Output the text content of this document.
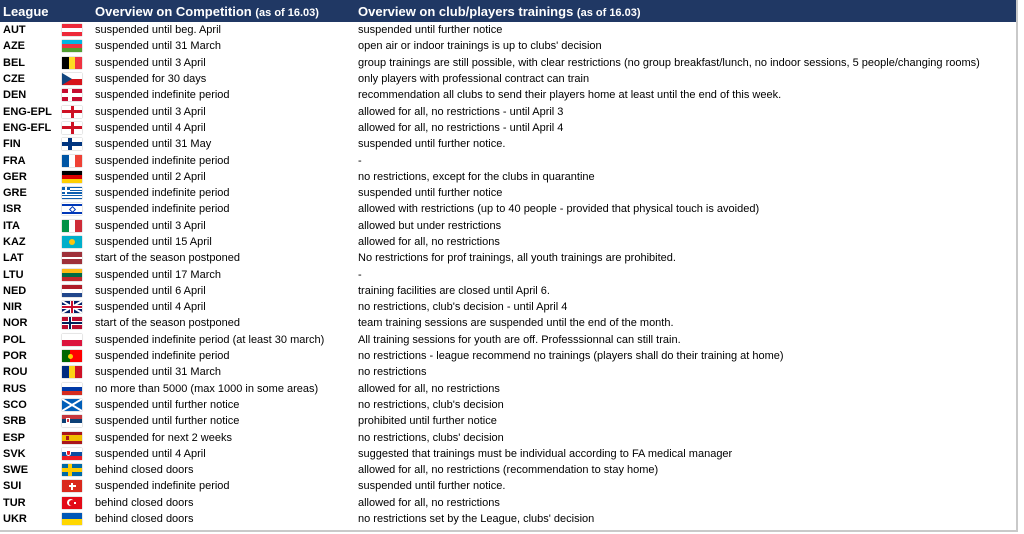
League	Overview on Competition (as of 16.03)	Overview on club/players trainings (as of 16.03)
AUT	suspended until beg. April	suspended until further notice
AZE	suspended until 31 March	open air or indoor trainings is up to clubs' decision
BEL	suspended until 3 April	group trainings are still possible, with clear restrictions (no group breakfast/lunch, no indoor sessions, 5 people/changing rooms)
CZE	suspended for 30 days	only players with professional contract can train
DEN	suspended indefinite period	recommendation all clubs to send their players home at least until the end of this week.
ENG-EPL	suspended until 3 April	allowed for all, no restrictions - until April 3
ENG-EFL	suspended until 4 April	allowed for all, no restrictions - until April 4
FIN	suspended until 31 May	suspended until further notice.
FRA	suspended indefinite period	-
GER	suspended until 2 April	no restrictions, except for the clubs in quarantine
GRE	suspended indefinite period	suspended until further notice
ISR	suspended indefinite period	allowed with restrictions (up to 40 people - provided that physical touch is avoided)
ITA	suspended until 3 April	allowed but under restrictions
KAZ	suspended until 15 April	allowed for all, no restrictions
LAT	start of the season postponed	No restrictions for prof trainings, all youth trainings are prohibited.
LTU	suspended until 17 March	-
NED	suspended until 6 April	training facilities are closed until April 6.
NIR	suspended until 4 April	no restrictions, club's decision - until April 4
NOR	start of the season postponed	team training sessions are suspended until the end of the month.
POL	suspended indefinite period (at least 30 march)	All training sessions for youth are off. Professsionnal can still train.
POR	suspended indefinite period	no restrictions - league recommend no trainings (players shall do their training at home)
ROU	suspended until 31 March	no restrictions
RUS	no more than 5000 (max 1000 in some areas)	allowed for all, no restrictions
SCO	suspended until further notice	no restrictions, club's decision
SRB	suspended until further notice	prohibited until further notice
ESP	suspended for next 2 weeks	no restrictions, clubs' decision
SVK	suspended until 4 April	suggested that trainings must be individual according to FA medical manager
SWE	behind closed doors	allowed for all, no restrictions (recommendation to stay home)
SUI	suspended indefinite period	suspended until further notice.
TUR	behind closed doors	allowed for all, no restrictions
UKR	behind closed doors	no restrictions set by the League, clubs' decision
